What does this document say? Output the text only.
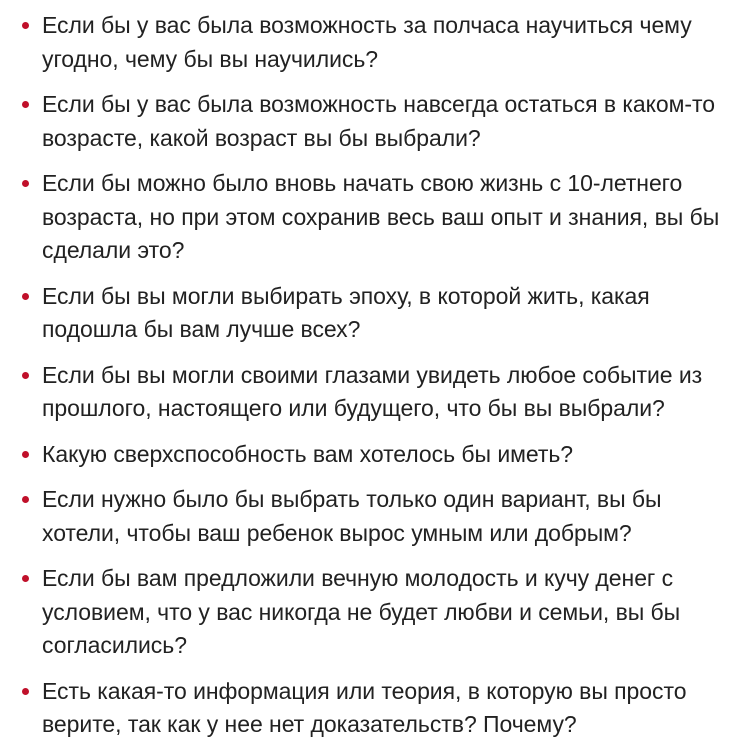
Если бы у вас была возможность за полчаса научиться чему угодно, чему бы вы научились?
Если бы у вас была возможность навсегда остаться в каком-то возрасте, какой возраст вы бы выбрали?
Если бы можно было вновь начать свою жизнь с 10-летнего возраста, но при этом сохранив весь ваш опыт и знания, вы бы сделали это?
Если бы вы могли выбирать эпоху, в которой жить, какая подошла бы вам лучше всех?
Если бы вы могли своими глазами увидеть любое событие из прошлого, настоящего или будущего, что бы вы выбрали?
Какую сверхспособность вам хотелось бы иметь?
Если нужно было бы выбрать только один вариант, вы бы хотели, чтобы ваш ребенок вырос умным или добрым?
Если бы вам предложили вечную молодость и кучу денег с условием, что у вас никогда не будет любви и семьи, вы бы согласились?
Есть какая-то информация или теория, в которую вы просто верите, так как у нее нет доказательств? Почему?
